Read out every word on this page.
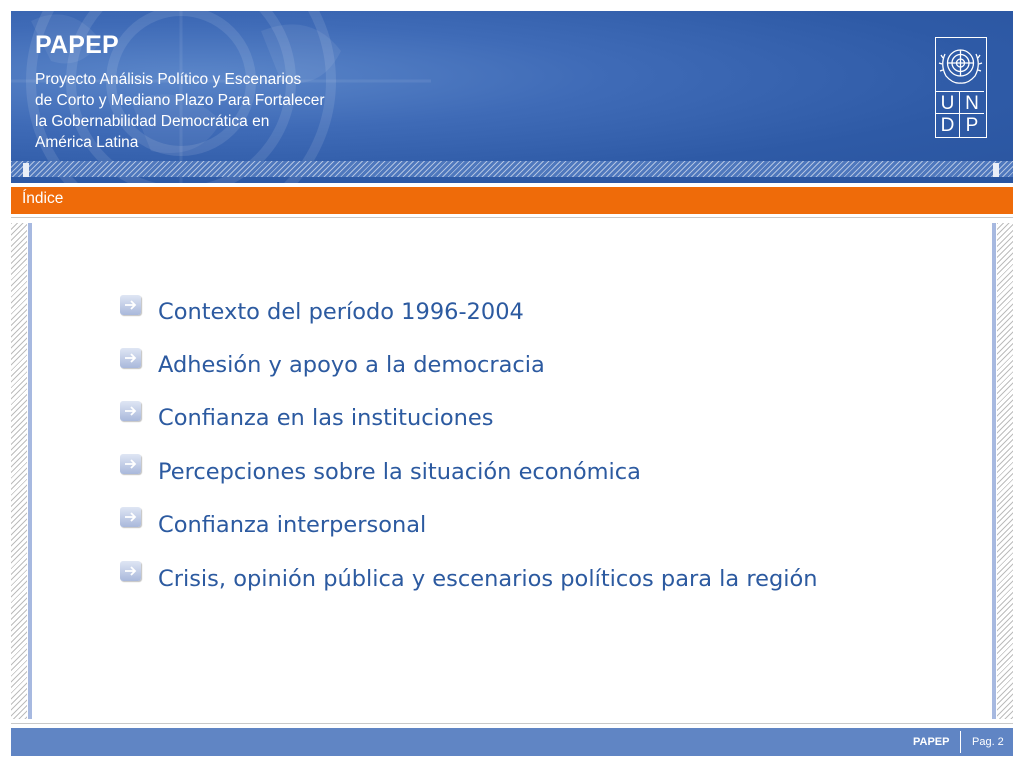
PAPEP
Proyecto Análisis Político y Escenarios
de Corto y Mediano Plazo Para Fortalecer
la Gobernabilidad Democrática en
América Latina
U N
D P
Índice
Contexto del período 1996-2004
Adhesión y apoyo a la democracia
Confianza en las instituciones
Percepciones sobre la situación económica
Confianza interpersonal
Crisis, opinión pública y escenarios políticos para la región
PAPEP Pag. 2
